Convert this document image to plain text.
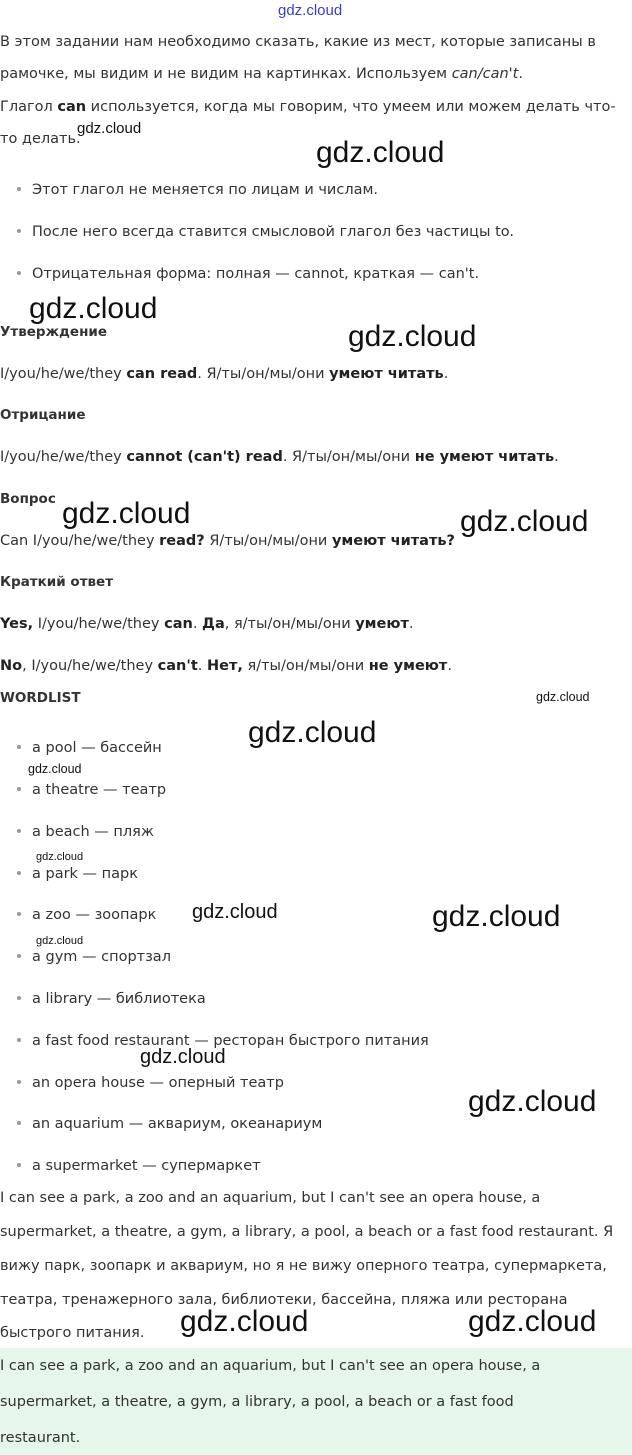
gdz.cloud
В этом задании нам необходимо сказать, какие из мест, которые записаны в
рамочке, мы видим и не видим на картинках. Используем can/can't.
Глагол can используется, когда мы говорим, что умеем или можем делать что-
то делать.
Этот глагол не меняется по лицам и числам.
После него всегда ставится смысловой глагол без частицы to.
Отрицательная форма: полная — cannot, краткая — can't.
Утверждение
I/you/he/we/they can read. Я/ты/он/мы/они умеют читать.
Отрицание
I/you/he/we/they cannot (can't) read. Я/ты/он/мы/они не умеют читать.
Вопрос
Can I/you/he/we/they read? Я/ты/он/мы/они умеют читать?
Краткий ответ
Yes, I/you/he/we/they can. Да, я/ты/он/мы/они умеют.
No, I/you/he/we/they can't. Нет, я/ты/он/мы/они не умеют.
WORDLIST
a pool — бассейн
a theatre — театр
a beach — пляж
a park — парк
a zoo — зоопарк
a gym — спортзал
a library — библиотека
a fast food restaurant — ресторан быстрого питания
an opera house — оперный театр
an aquarium — аквариум, океанариум
a supermarket — супермаркет
I can see a park, a zoo and an aquarium, but I can't see an opera house, a
supermarket, a theatre, a gym, a library, a pool, a beach or a fast food restaurant. Я
вижу парк, зоопарк и аквариум, но я не вижу оперного театра, супермаркета,
театра, тренажерного зала, библиотеки, бассейна, пляжа или ресторана
быстрого питания.
I can see a park, a zoo and an aquarium, but I can't see an opera house, a
supermarket, a theatre, a gym, a library, a pool, a beach or a fast food
restaurant.
gdz.cloud
gdz.cloud
gdz.cloud
gdz.cloud
gdz.cloud	gdz.cloud
gdz.cloud
gdz.cloud
gdz.cloud
gdz.cloud
gdz.cloud	gdz.cloud
gdz.cloud
gdz.cloud
gdz.cloud
gdz.cloud	gdz.cloud
